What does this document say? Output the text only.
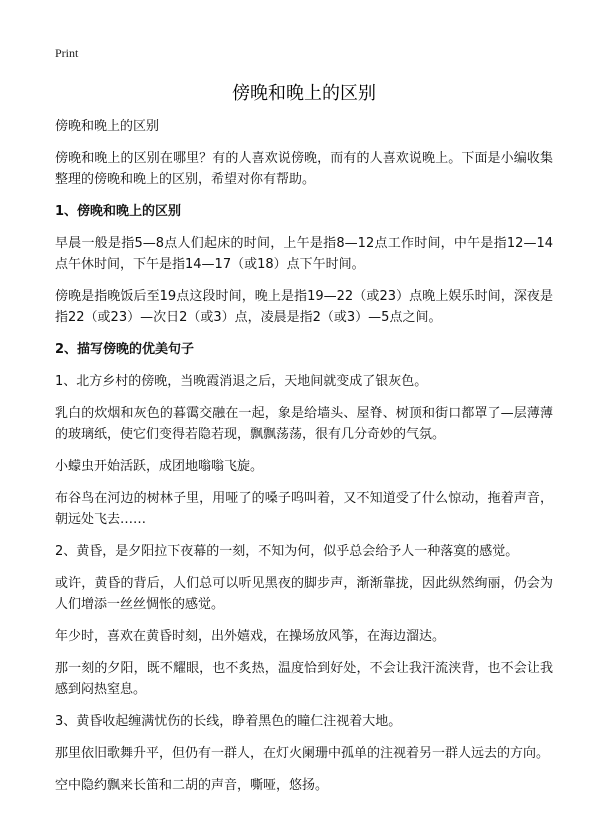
Print

傍晚和晚上的区别

傍晚和晚上的区别

傍晚和晚上的区别在哪里？有的人喜欢说傍晚，而有的人喜欢说晚上。下面是小编收集整理的傍晚和晚上的区别，希望对你有帮助。

1、傍晚和晚上的区别

早晨一般是指5—8点人们起床的时间，上午是指8—12点工作时间，中午是指12—14点午休时间，下午是指14—17（或18）点下午时间。

傍晚是指晚饭后至19点这段时间，晚上是指19—22（或23）点晚上娱乐时间，深夜是指22（或23）—次日2（或3）点，凌晨是指2（或3）—5点之间。

2、描写傍晚的优美句子

1、北方乡村的傍晚，当晚霞消退之后，天地间就变成了银灰色。

乳白的炊烟和灰色的暮霭交融在一起，象是给墙头、屋脊、树顶和街口都罩了—层薄薄的玻璃纸，使它们变得若隐若现，飘飘荡荡，很有几分奇妙的气氛。

小蠓虫开始活跃，成团地嗡嗡飞旋。

布谷鸟在河边的树林子里，用哑了的嗓子呜叫着，又不知道受了什么惊动，拖着声音，朝远处飞去……

2、黄昏，是夕阳拉下夜幕的一刻，不知为何，似乎总会给予人一种落寞的感觉。

或许，黄昏的背后，人们总可以听见黑夜的脚步声，渐渐靠拢，因此纵然绚丽，仍会为人们增添一丝丝惆怅的感觉。

年少时，喜欢在黄昏时刻，出外嬉戏，在操场放风筝，在海边溜达。

那一刻的夕阳，既不耀眼，也不炙热，温度恰到好处，不会让我汗流浃背，也不会让我感到闷热窒息。

3、黄昏收起缠满忧伤的长线，睁着黑色的瞳仁注视着大地。

那里依旧歌舞升平，但仍有一群人，在灯火阑珊中孤单的注视着另一群人远去的方向。

空中隐约飘来长笛和二胡的声音，嘶哑，悠扬。
